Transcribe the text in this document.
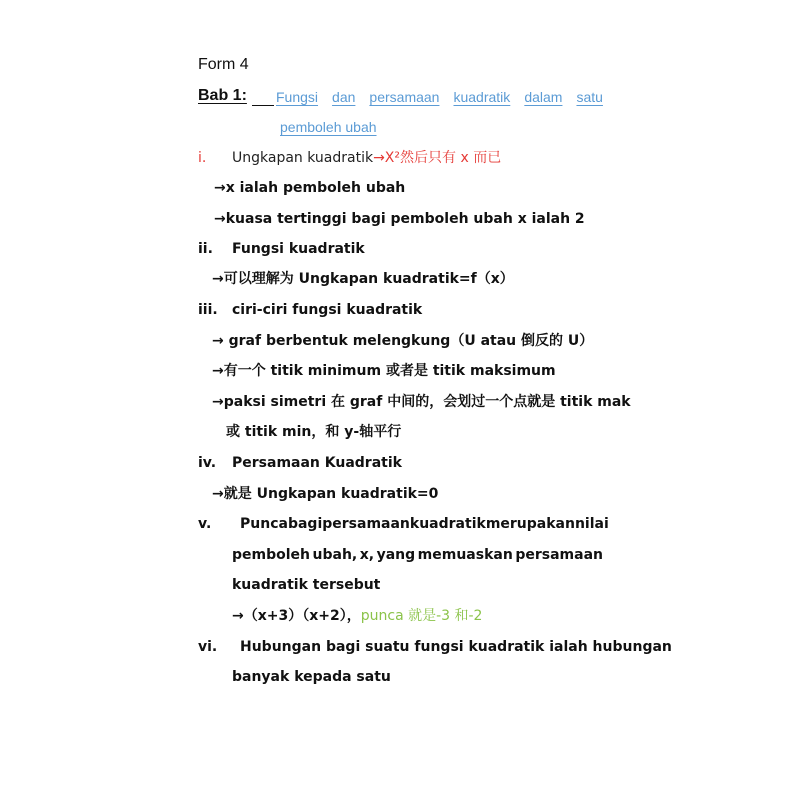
Form 4
Bab 1: Fungsi dan persamaan kuadratik dalam satu
pemboleh ubah
i. Ungkapan kuadratik→X²然后只有 x 而已
→x ialah pemboleh ubah
→kuasa tertinggi bagi pemboleh ubah x ialah 2
ii. Fungsi kuadratik
→可以理解为 Ungkapan kuadratik=f（x）
iii. ciri-ciri fungsi kuadratik
→ graf berbentuk melengkung（U atau 倒反的 U）
→有一个 titik minimum 或者是 titik maksimum
→paksi simetri 在 graf 中间的，会划过一个点就是 titik mak
或 titik min，和 y-轴平行
iv. Persamaan Kuadratik
→就是 Ungkapan kuadratik=0
v. Punca bagi persamaan kuadratik merupakan nilai
pemboleh ubah, x, yang memuaskan persamaan
kuadratik tersebut
→（x+3）（x+2），punca 就是-3 和-2
vi. Hubungan bagi suatu fungsi kuadratik ialah hubungan
banyak kepada satu
